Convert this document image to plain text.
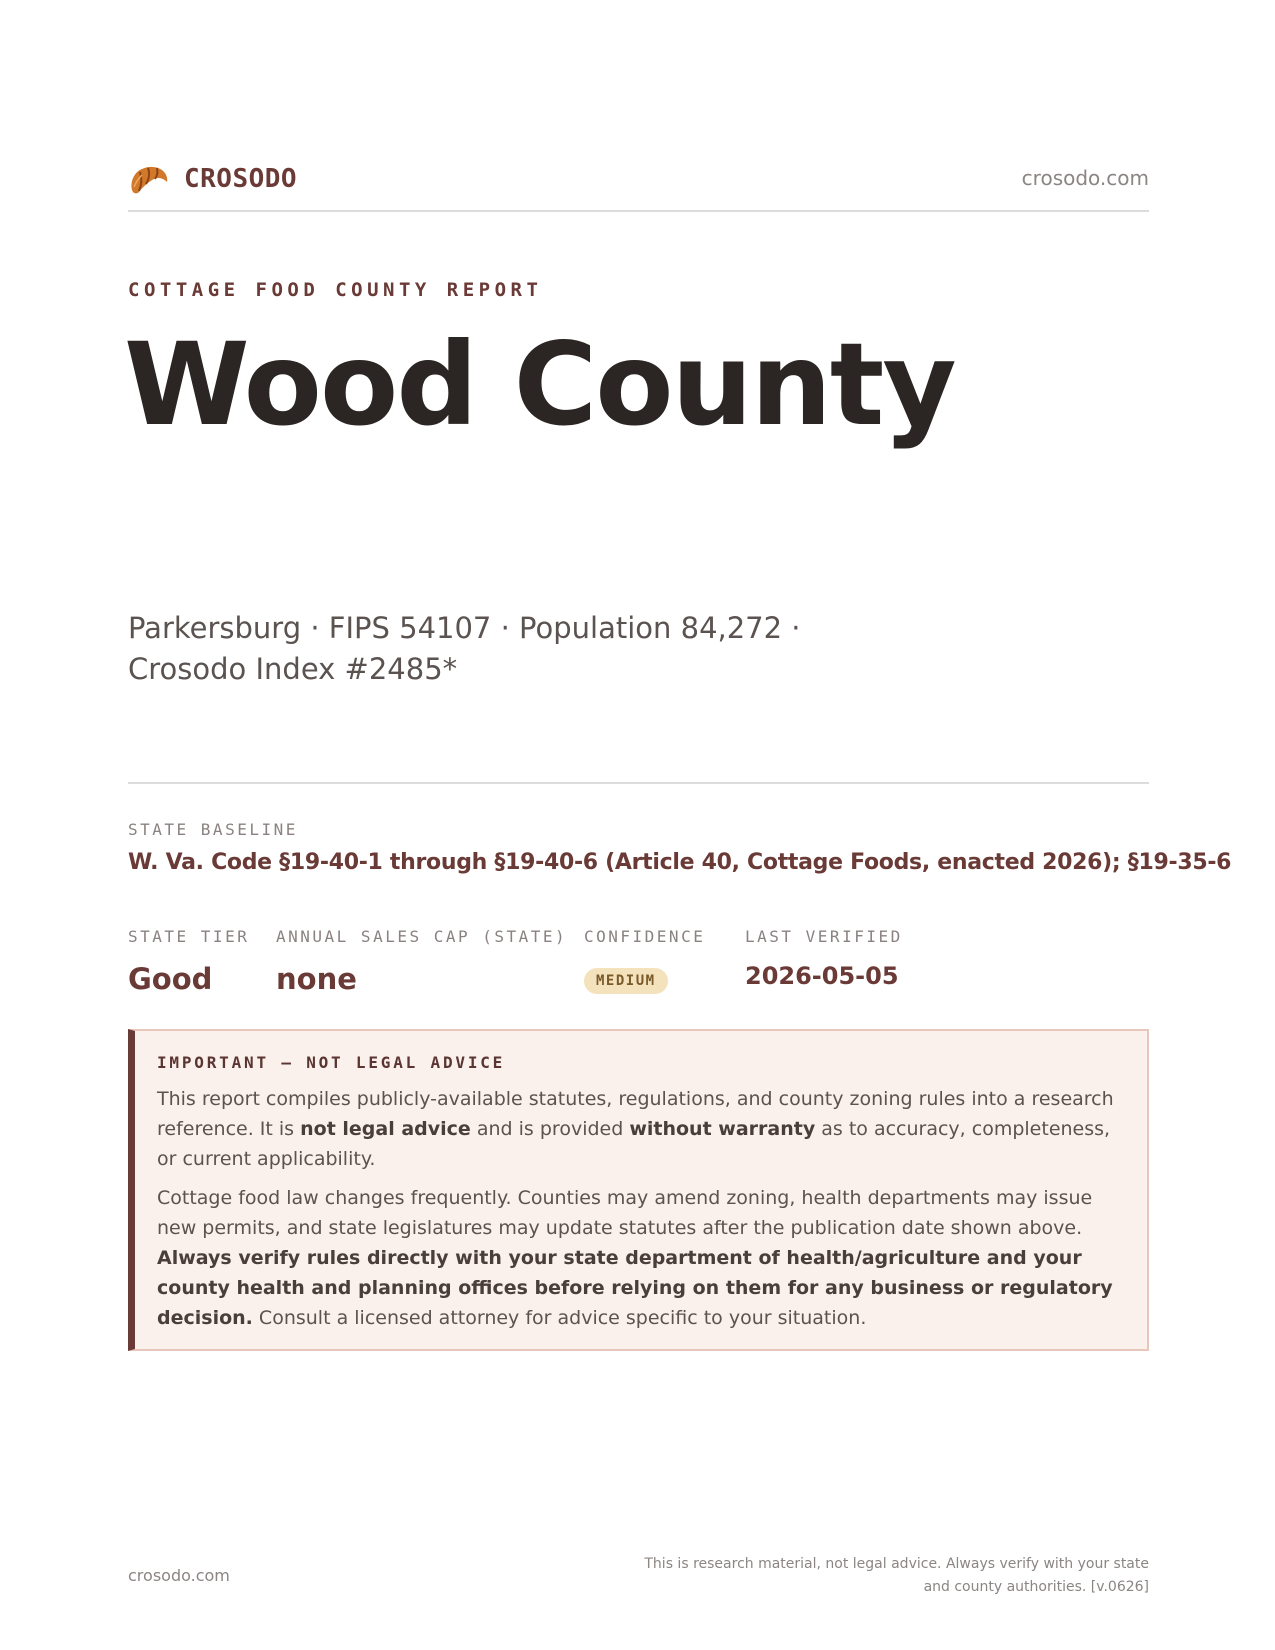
CROSODO	crosodo.com
COTTAGE FOOD COUNTY REPORT
Wood County
Parkersburg · FIPS 54107 · Population 84,272 · Crosodo Index #2485*
STATE BASELINE
W. Va. Code §19-40-1 through §19-40-6 (Article 40, Cottage Foods, enacted 2026); §19-35-6
STATE TIER
Good
ANNUAL SALES CAP (STATE)
none
CONFIDENCE
MEDIUM
LAST VERIFIED
2026-05-05
IMPORTANT — NOT LEGAL ADVICE

This report compiles publicly-available statutes, regulations, and county zoning rules into a research reference. It is not legal advice and is provided without warranty as to accuracy, completeness, or current applicability.

Cottage food law changes frequently. Counties may amend zoning, health departments may issue new permits, and state legislatures may update statutes after the publication date shown above. Always verify rules directly with your state department of health/agriculture and your county health and planning offices before relying on them for any business or regulatory decision. Consult a licensed attorney for advice specific to your situation.

crosodo.com
This is research material, not legal advice. Always verify with your state and county authorities. [v.0626]
